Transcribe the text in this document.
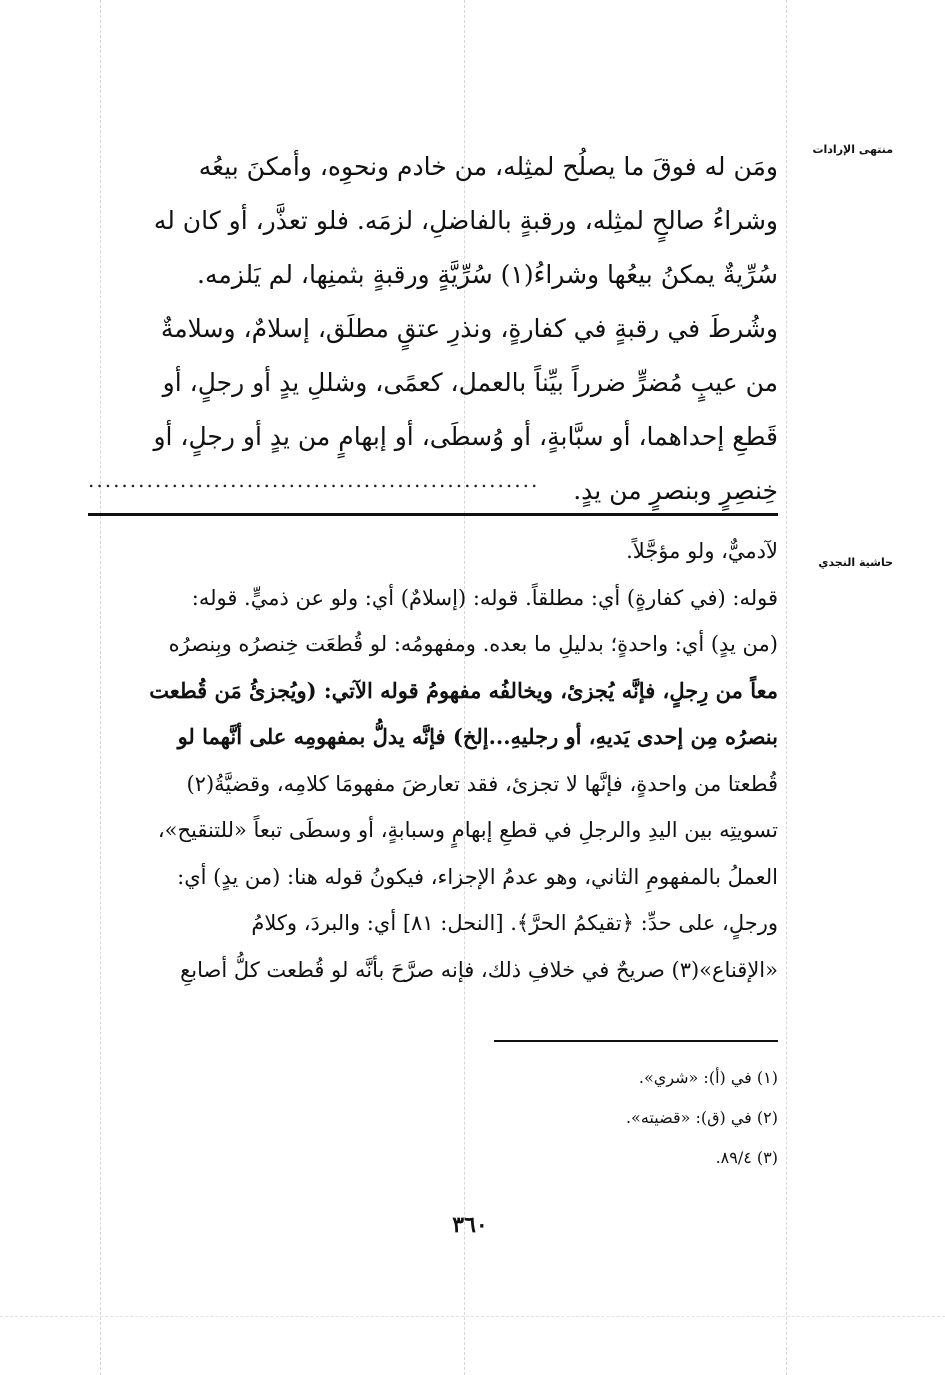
منتهى الإرادات
حاشية النجدي
ومَن له فوقَ ما يصلُح لمثِله، من خادم ونحوِه، وأمكنَ بيعُه
وشراءُ صالحٍ لمثِله، ورقبةٍ بالفاضلِ، لزمَه. فلو تعذَّر، أو كان له
سُرِّيةٌ يمكنُ بيعُها وشراءُ(١) سُرِّيَّةٍ ورقبةٍ بثمنِها، لم يَلزمه.
وشُرطَ في رقبةٍ في كفارةٍ، ونذرِ عتقٍ مطلَق، إسلامٌ، وسلامةٌ
من عيبٍ مُضرٍّ ضرراً بيِّناً بالعمل، كعمًى، وشللِ يدٍ أو رجلٍ، أو
قَطعِ إحداهما، أو سبَّابةٍ، أو وُسطَى، أو إبهامٍ من يدٍ أو رجلٍ، أو
خِنصِرٍ وبنصرٍ من يدٍ.
......................................................
لآدميٌّ، ولو مؤجَّلاً.
قوله: (في كفارةٍ) أي: مطلقاً. قوله: (إسلامٌ) أي: ولو عن ذميٍّ. قوله:
(من يدٍ) أي: واحدةٍ؛ بدليلِ ما بعده. ومفهومُه: لو قُطعَت خِنصرُه وبِنصرُه
معاً من رِجلٍ، فإنَّه يُجزئ، ويخالفُه مفهومُ قوله الآتي: (ويُجزئُ مَن قُطعت
بنصرُه مِن إحدى يَديهِ، أو رجليهِ...إلخ) فإنَّه يدلُّ بمفهومِه على أنَّهما لو
قُطعتا من واحدةٍ، فإنَّها لا تجزئ، فقد تعارضَ مفهومَا كلامِه، وقضيَّةُ(٢)
تسويتِه بين اليدِ والرجلِ في قطعِ إبهامٍ وسبابةٍ، أو وسطَى تبعاً «للتنقيح»،
العملُ بالمفهومِ الثاني، وهو عدمُ الإجزاء، فيكونُ قوله هنا: (من يدٍ) أي:
ورجلٍ، على حدِّ: ﴿تقيكمُ الحرَّ﴾. [النحل: ٨١] أي: والبردَ، وكلامُ
«الإقناع»(٣) صريحٌ في خلافِ ذلك، فإنه صرَّحَ بأنَّه لو قُطعت كلُّ أصابعِ

(١) في (أ): «شري».

(٢) في (ق): «قضيته».

(٣) ٨٩/٤.

٣٦٠
